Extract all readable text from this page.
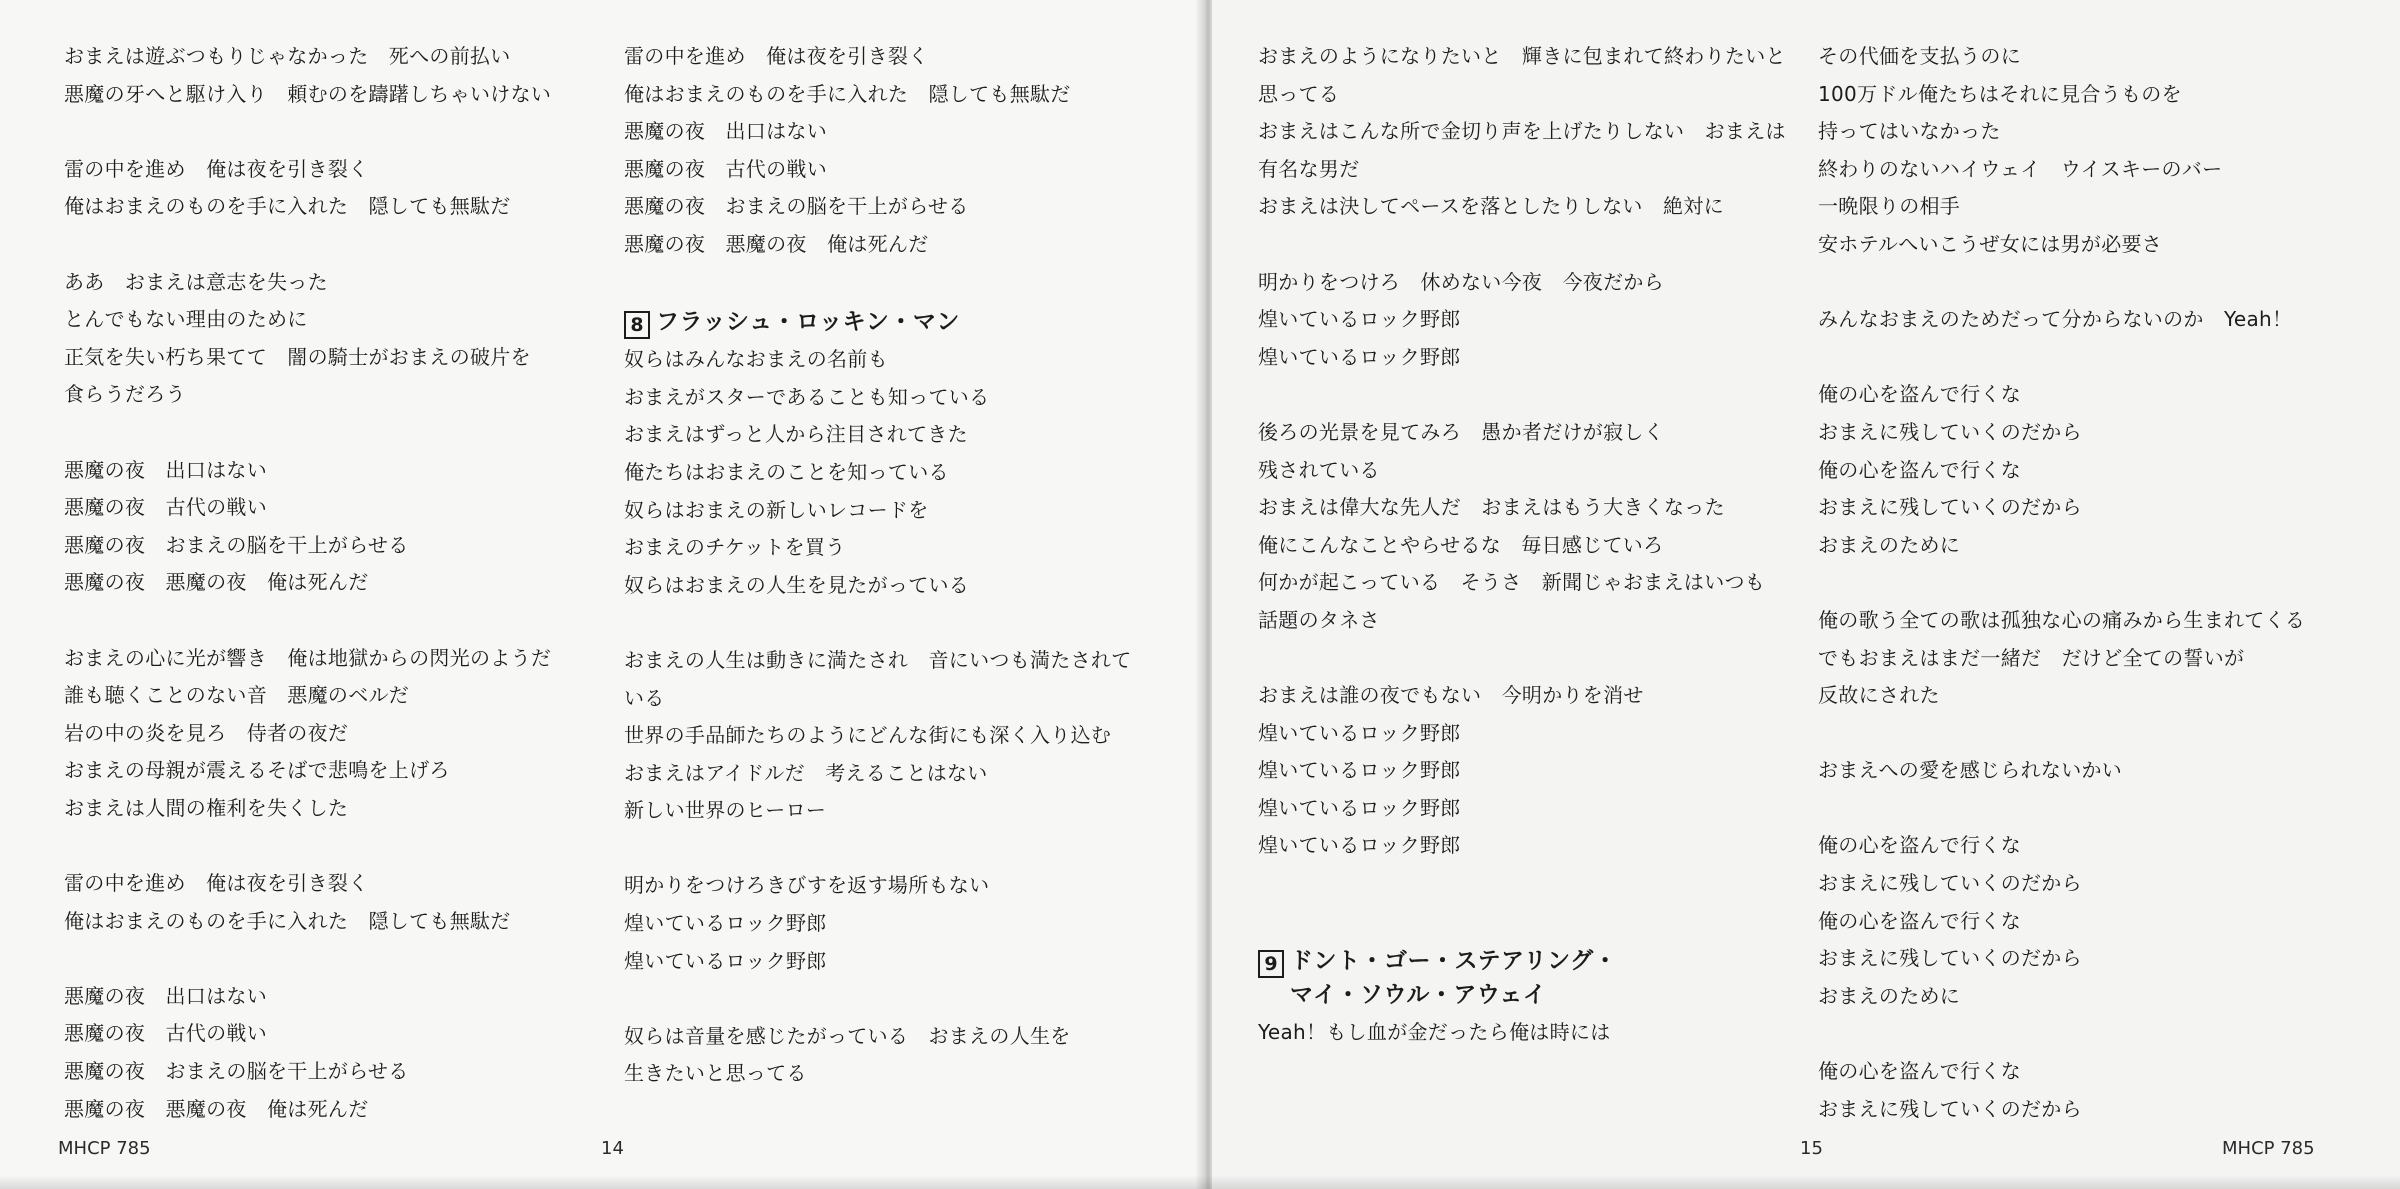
おまえは遊ぶつもりじゃなかった　死への前払い

悪魔の牙へと駆け入り　頼むのを躊躇しちゃいけない

雷の中を進め　俺は夜を引き裂く

俺はおまえのものを手に入れた　隠しても無駄だ

ああ　おまえは意志を失った

とんでもない理由のために

正気を失い朽ち果てて　闇の騎士がおまえの破片を

食らうだろう

悪魔の夜　出口はない

悪魔の夜　古代の戦い

悪魔の夜　おまえの脳を干上がらせる

悪魔の夜　悪魔の夜　俺は死んだ

おまえの心に光が響き　俺は地獄からの閃光のようだ

誰も聴くことのない音　悪魔のベルだ

岩の中の炎を見ろ　侍者の夜だ

おまえの母親が震えるそばで悲鳴を上げろ

おまえは人間の権利を失くした

雷の中を進め　俺は夜を引き裂く

俺はおまえのものを手に入れた　隠しても無駄だ

悪魔の夜　出口はない

悪魔の夜　古代の戦い

悪魔の夜　おまえの脳を干上がらせる

悪魔の夜　悪魔の夜　俺は死んだ

雷の中を進め　俺は夜を引き裂く

俺はおまえのものを手に入れた　隠しても無駄だ

悪魔の夜　出口はない

悪魔の夜　古代の戦い

悪魔の夜　おまえの脳を干上がらせる

悪魔の夜　悪魔の夜　俺は死んだ

8 フラッシュ・ロッキン・マン

奴らはみんなおまえの名前も

おまえがスターであることも知っている

おまえはずっと人から注目されてきた

俺たちはおまえのことを知っている

奴らはおまえの新しいレコードを

おまえのチケットを買う

奴らはおまえの人生を見たがっている

おまえの人生は動きに満たされ　音にいつも満たされて

いる

世界の手品師たちのようにどんな街にも深く入り込む

おまえはアイドルだ　考えることはない

新しい世界のヒーロー

明かりをつけろきびすを返す場所もない

煌いているロック野郎

煌いているロック野郎

奴らは音量を感じたがっている　おまえの人生を

生きたいと思ってる

MHCP 785	14

おまえのようになりたいと　輝きに包まれて終わりたいと

思ってる

おまえはこんな所で金切り声を上げたりしない　おまえは

有名な男だ

おまえは決してペースを落としたりしない　絶対に

明かりをつけろ　休めない今夜　今夜だから

煌いているロック野郎

煌いているロック野郎

後ろの光景を見てみろ　愚か者だけが寂しく

残されている

おまえは偉大な先人だ　おまえはもう大きくなった

俺にこんなことやらせるな　毎日感じていろ

何かが起こっている　そうさ　新聞じゃおまえはいつも

話題のタネさ

おまえは誰の夜でもない　今明かりを消せ

煌いているロック野郎

煌いているロック野郎

煌いているロック野郎

煌いているロック野郎

9 ドント・ゴー・ステアリング・
マイ・ソウル・アウェイ

Yeah！もし血が金だったら俺は時には

その代価を支払うのに

100万ドル俺たちはそれに見合うものを

持ってはいなかった

終わりのないハイウェイ　ウイスキーのバー

一晩限りの相手

安ホテルへいこうぜ女には男が必要さ

みんなおまえのためだって分からないのか　Yeah！

俺の心を盗んで行くな

おまえに残していくのだから

俺の心を盗んで行くな

おまえに残していくのだから

おまえのために

俺の歌う全ての歌は孤独な心の痛みから生まれてくる

でもおまえはまだ一緒だ　だけど全ての誓いが

反故にされた

おまえへの愛を感じられないかい

俺の心を盗んで行くな

おまえに残していくのだから

俺の心を盗んで行くな

おまえに残していくのだから

おまえのために

俺の心を盗んで行くな

おまえに残していくのだから

15	MHCP 785
